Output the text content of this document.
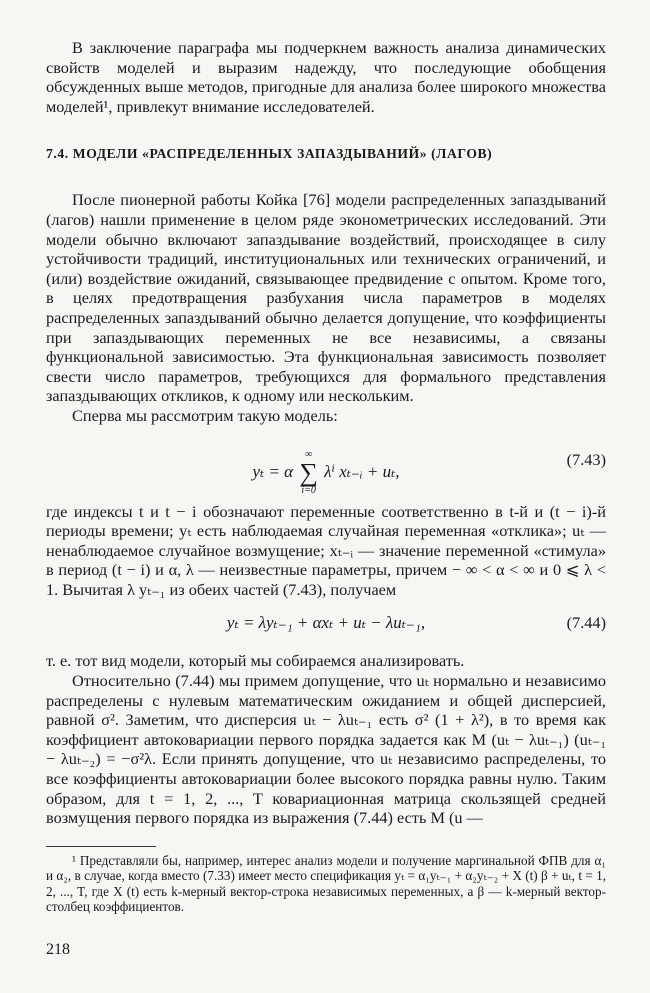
В заключение параграфа мы подчеркнем важность анализа динамических свойств моделей и выразим надежду, что последующие обобщения обсужденных выше методов, пригодные для анализа более широкого множества моделей¹, привлекут внимание исследователей.

7.4. МОДЕЛИ «РАСПРЕДЕЛЕННЫХ ЗАПАЗДЫВАНИЙ» (ЛАГОВ)

После пионерной работы Койка [76] модели распределенных запаздываний (лагов) нашли применение в целом ряде эконометрических исследований. Эти модели обычно включают запаздывание воздействий, происходящее в силу устойчивости традиций, институциональных или технических ограничений, и (или) воздействие ожиданий, связывающее предвидение с опытом. Кроме того, в целях предотвращения разбухания числа параметров в моделях распределенных запаздываний обычно делается допущение, что коэффициенты при запаздывающих переменных не все независимы, а связаны функциональной зависимостью. Эта функциональная зависимость позволяет свести число параметров, требующихся для формального представления запаздывающих откликов, к одному или нескольким.

Сперва мы рассмотрим такую модель:

yₜ = α
∞
∑
i=0
λⁱ xₜ₋ᵢ + uₜ,
(7.43)

где индексы t и t − i обозначают переменные соответственно в t-й и (t − i)-й периоды времени; yₜ есть наблюдаемая случайная переменная «отклика»; uₜ — ненаблюдаемое случайное возмущение; xₜ₋ᵢ — значение переменной «стимула» в период (t − i) и α, λ — неизвестные параметры, причем − ∞ < α < ∞ и 0 ⩽ λ < 1. Вычитая λ yₜ₋₁ из обеих частей (7.43), получаем

yₜ = λyₜ₋₁ + αxₜ + uₜ − λuₜ₋₁,	(7.44)

т. е. тот вид модели, который мы собираемся анализировать.

Относительно (7.44) мы примем допущение, что uₜ нормально и независимо распределены с нулевым математическим ожиданием и общей дисперсией, равной σ². Заметим, что дисперсия uₜ − λuₜ₋₁ есть σ² (1 + λ²), в то время как коэффициент автоковариации первого порядка задается как M (uₜ − λuₜ₋₁) (uₜ₋₁ − λuₜ₋₂) = −σ²λ. Если принять допущение, что uₜ независимо распределены, то все коэффициенты автоковариации более высокого порядка равны нулю. Таким образом, для t = 1, 2, ..., T ковариационная матрица скользящей средней возмущения первого порядка из выражения (7.44) есть M (u —

¹ Представляли бы, например, интерес анализ модели и получение маргинальной ФПВ для α₁ и α₂, в случае, когда вместо (7.33) имеет место спецификация yₜ = α₁yₜ₋₁ + α₂yₜ₋₂ + X (t) β + uₜ, t = 1, 2, ..., T, где X (t) есть k-мерный вектор-строка независимых переменных, а β — k-мерный вектор-столбец коэффициентов.

218
